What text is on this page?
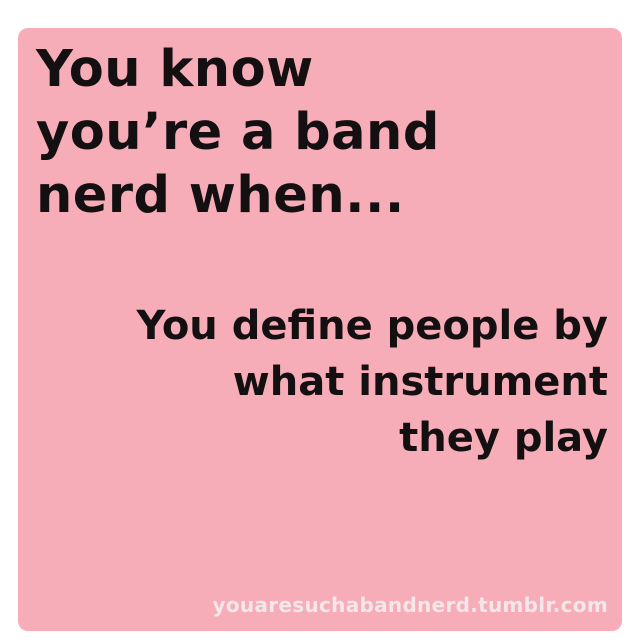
You know
you’re a band
nerd when...

You define people by
what instrument
they play

youaresuchabandnerd.tumblr.com
